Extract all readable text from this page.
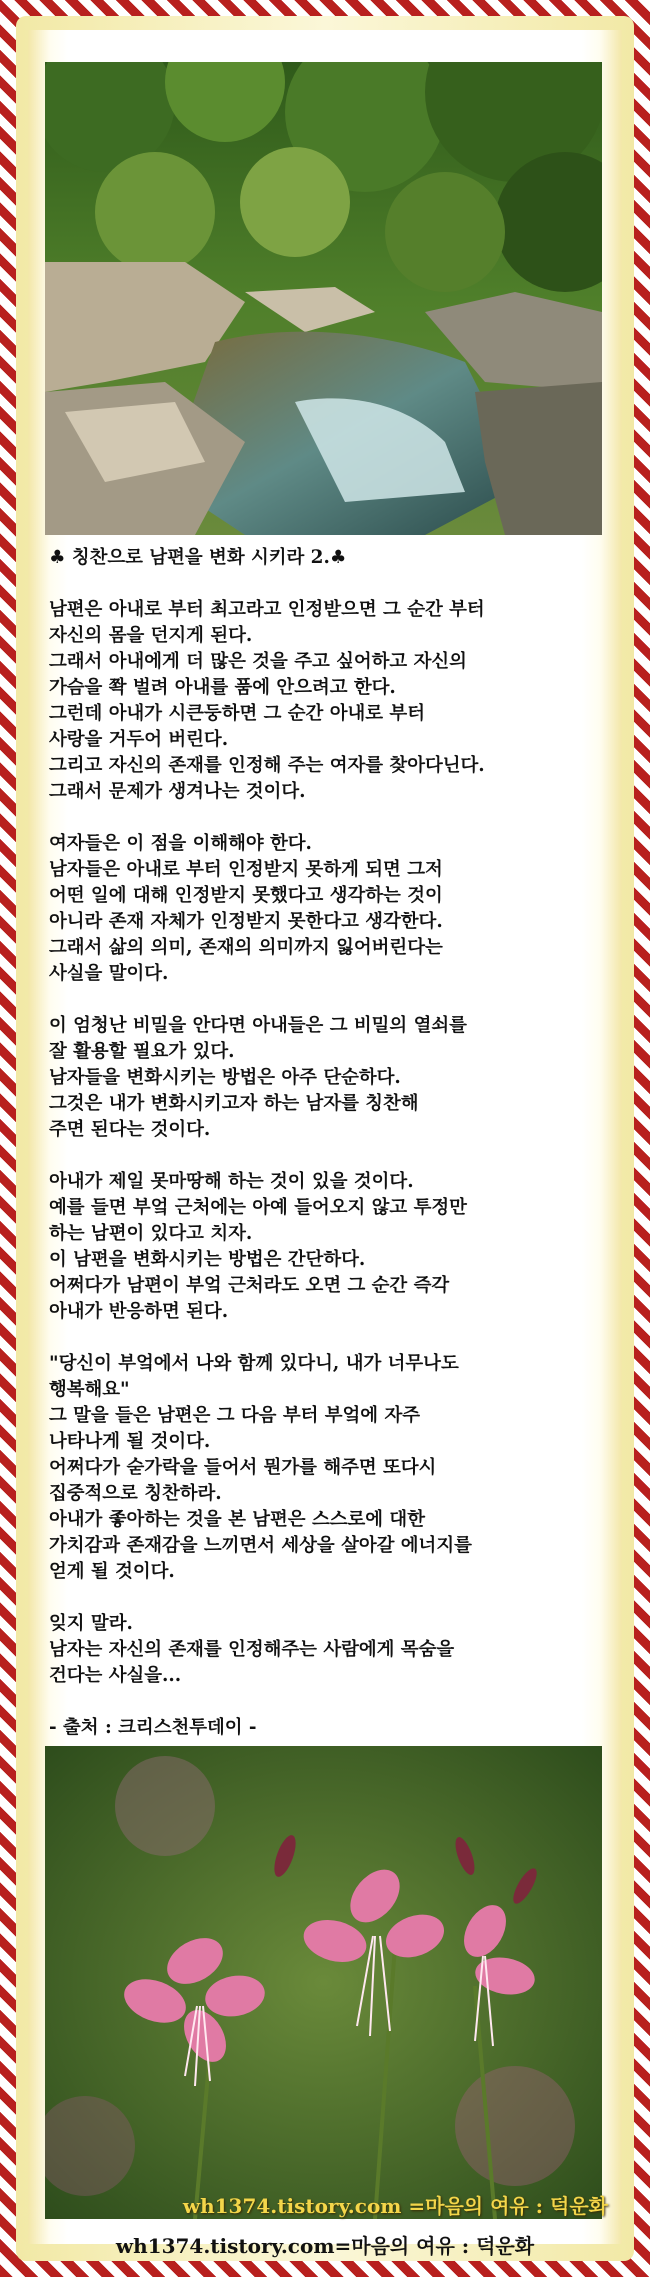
♣ 칭찬으로 남편을 변화 시키라 2.♣

남편은 아내로 부터 최고라고 인정받으면 그 순간 부터
자신의 몸을 던지게 된다.
그래서 아내에게 더 많은 것을 주고 싶어하고 자신의
가슴을 쫙 벌려 아내를 품에 안으려고 한다.
그런데 아내가 시큰둥하면 그 순간 아내로 부터
사랑을 거두어 버린다.
그리고 자신의 존재를 인정해 주는 여자를 찾아다닌다.
그래서 문제가 생겨나는 것이다.

여자들은 이 점을 이해해야 한다.
남자들은 아내로 부터 인정받지 못하게 되면 그저
어떤 일에 대해 인정받지 못했다고 생각하는 것이
아니라 존재 자체가 인정받지 못한다고 생각한다.
그래서 삶의 의미, 존재의 의미까지 잃어버린다는
사실을 말이다.

이 엄청난 비밀을 안다면 아내들은 그 비밀의 열쇠를
잘 활용할 필요가 있다.
남자들을 변화시키는 방법은 아주 단순하다.
그것은 내가 변화시키고자 하는 남자를 칭찬해
주면 된다는 것이다.

아내가 제일 못마땅해 하는 것이 있을 것이다.
예를 들면 부엌 근처에는 아예 들어오지 않고 투정만
하는 남편이 있다고 치자.
이 남편을 변화시키는 방법은 간단하다.
어쩌다가 남편이 부엌 근처라도 오면 그 순간 즉각
아내가 반응하면 된다.

"당신이 부엌에서 나와 함께 있다니, 내가 너무나도
행복해요"
그 말을 들은 남편은 그 다음 부터 부엌에 자주
나타나게 될 것이다.
어쩌다가 숟가락을 들어서 뭔가를 해주면 또다시
집중적으로 칭찬하라.
아내가 좋아하는 것을 본 남편은 스스로에 대한
가치감과 존재감을 느끼면서 세상을 살아갈 에너지를
얻게 될 것이다.

잊지 말라.
남자는 자신의 존재를 인정해주는 사람에게 목숨을
건다는 사실을...

- 출처 : 크리스천투데이 -

wh1374.tistory.com =마음의 여유 : 덕운화
wh1374.tistory.com=마음의 여유 : 덕운화
